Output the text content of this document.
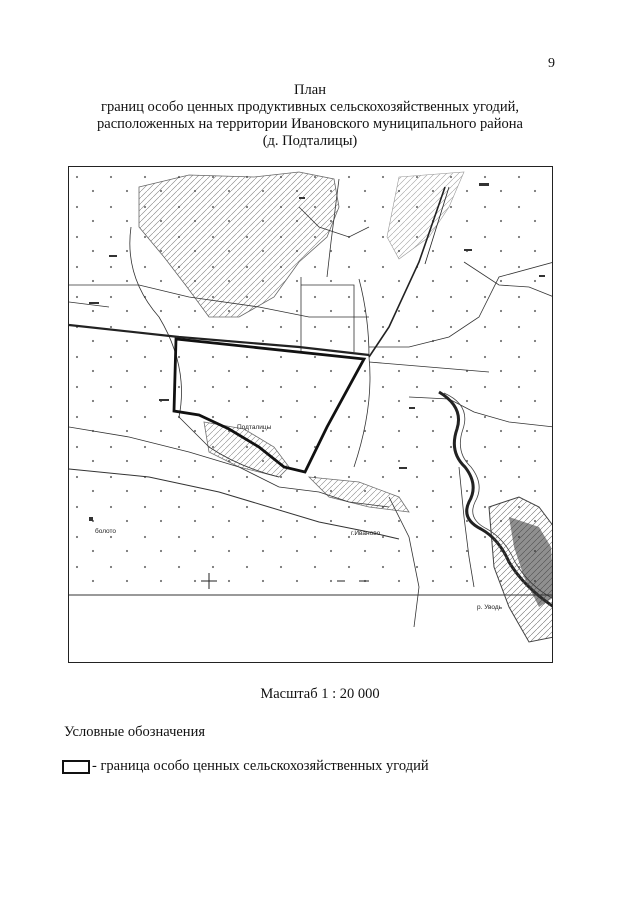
9
План
границ особо ценных продуктивных сельскохозяйственных угодий,
расположенных на территории Ивановского муниципального района
(д. Подталицы)
Подталицы
г.Иваново
р. Уводь
болото
Масштаб 1 : 20 000
Условные обозначения
- граница особо ценных сельскохозяйственных угодий
